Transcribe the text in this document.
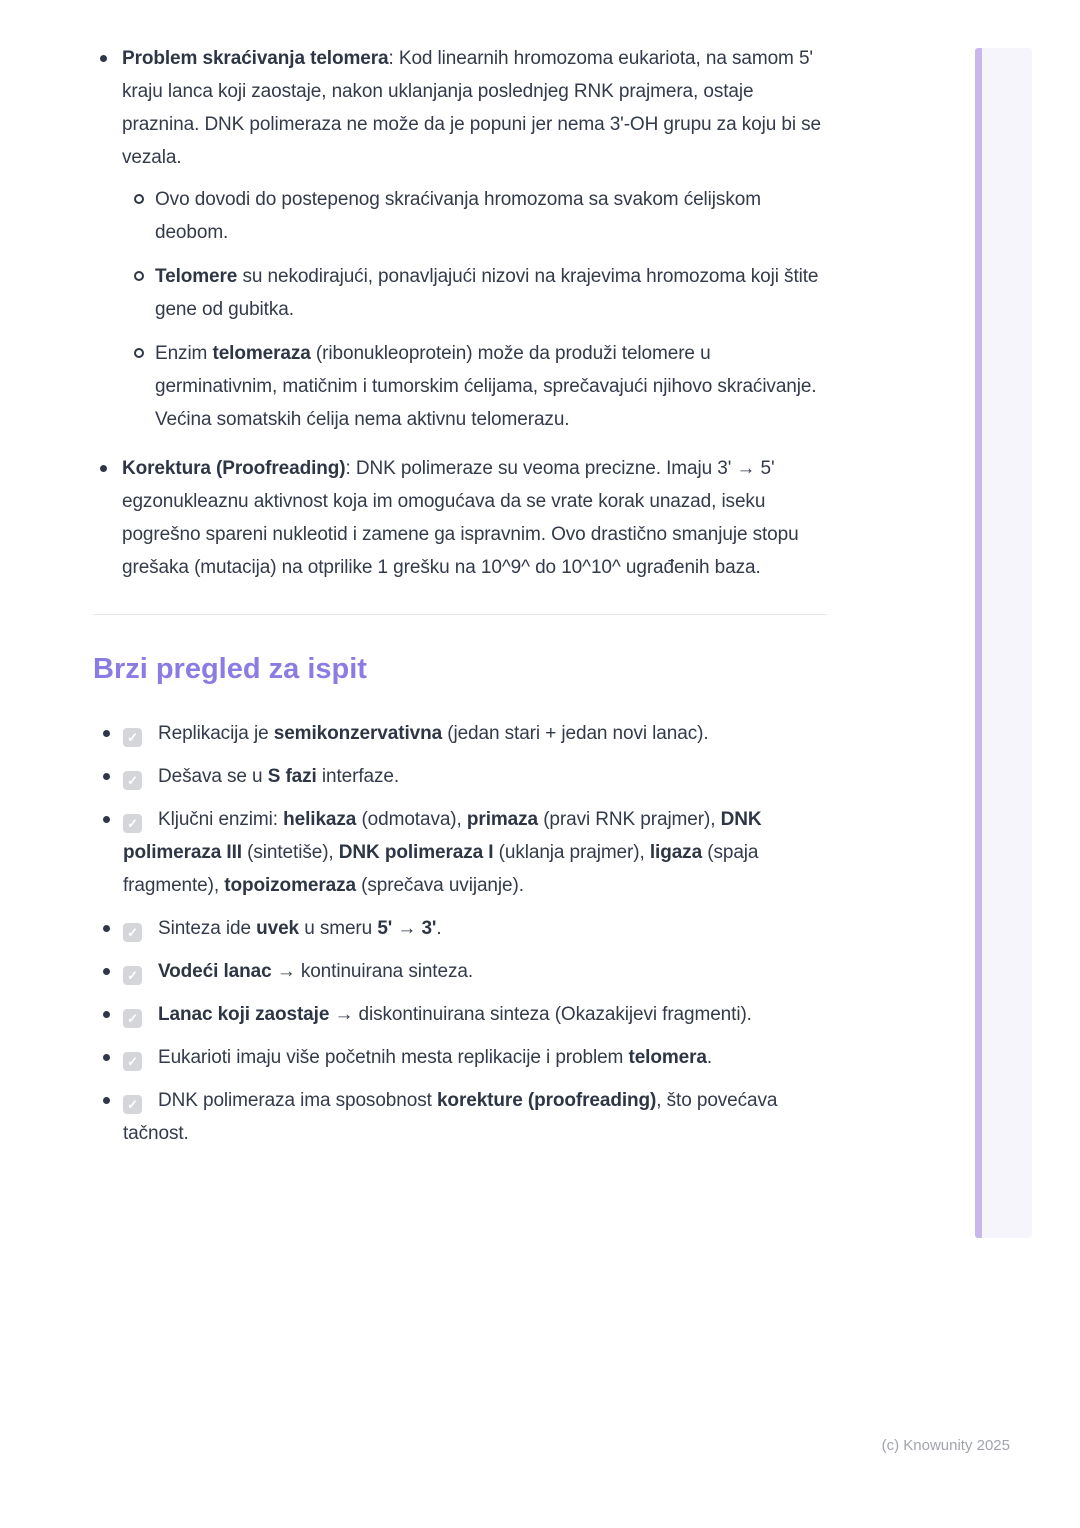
Problem skraćivanja telomera: Kod linearnih hromozoma eukariota, na samom 5' kraju lanca koji zaostaje, nakon uklanjanja poslednjeg RNK prajmera, ostaje praznina. DNK polimeraza ne može da je popuni jer nema 3'-OH grupu za koju bi se vezala.
Ovo dovodi do postepenog skraćivanja hromozoma sa svakom ćelijskom deobom.
Telomere su nekodirajući, ponavljajući nizovi na krajevima hromozoma koji štite gene od gubitka.
Enzim telomeraza (ribonukleoprotein) može da produži telomere u germinativnim, matičnim i tumorskim ćelijama, sprečavajući njihovo skraćivanje. Većina somatskih ćelija nema aktivnu telomerazu.
Korektura (Proofreading): DNK polimeraze su veoma precizne. Imaju 3' → 5' egzonukleaznu aktivnost koja im omogućava da se vrate korak unazad, iseku pogrešno spareni nukleotid i zamene ga ispravnim. Ovo drastično smanjuje stopu grešaka (mutacija) na otprilike 1 grešku na 10^9^ do 10^10^ ugrađenih baza.
Brzi pregled za ispit
✓ Replikacija je semikonzervativna (jedan stari + jedan novi lanac).
✓ Dešava se u S fazi interfaze.
✓ Ključni enzimi: helikaza (odmotava), primaza (pravi RNK prajmer), DNK polimeraza III (sintetiše), DNK polimeraza I (uklanja prajmer), ligaza (spaja fragmente), topoizomeraza (sprečava uvijanje).
✓ Sinteza ide uvek u smeru 5' → 3'.
✓ Vodeći lanac → kontinuirana sinteza.
✓ Lanac koji zaostaje → diskontinuirana sinteza (Okazakijevi fragmenti).
✓ Eukarioti imaju više početnih mesta replikacije i problem telomera.
✓ DNK polimeraza ima sposobnost korekture (proofreading), što povećava tačnost.
(c) Knowunity 2025
